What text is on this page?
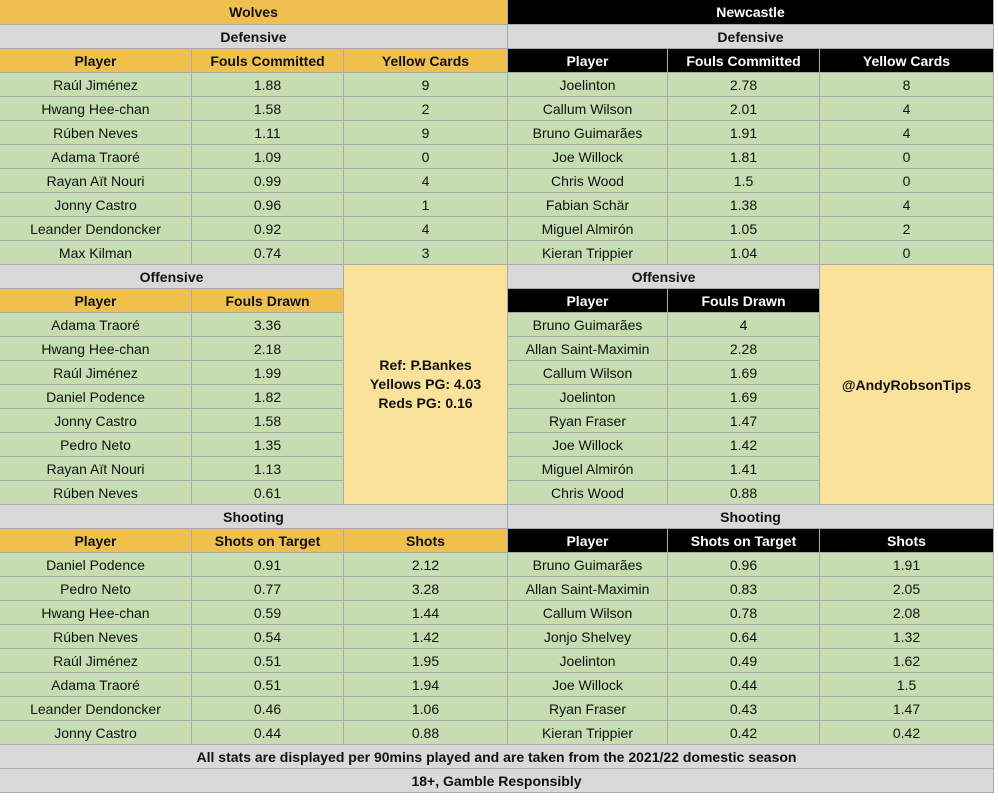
Wolves
Defensive
Player	Fouls Committed	Yellow Cards
Raúl Jiménez	1.88	9
Hwang Hee-chan	1.58	2
Rúben Neves	1.11	9
Adama Traoré	1.09	0
Rayan Aït Nouri	0.99	4
Jonny Castro	0.96	1
Leander Dendoncker	0.92	4
Max Kilman	0.74	3
Offensive
Player	Fouls Drawn
Adama Traoré	3.36
Hwang Hee-chan	2.18
Raúl Jiménez	1.99
Daniel Podence	1.82
Jonny Castro	1.58
Pedro Neto	1.35
Rayan Aït Nouri	1.13
Rúben Neves	0.61
Shooting
Player	Shots on Target	Shots
Daniel Podence	0.91	2.12
Pedro Neto	0.77	3.28
Hwang Hee-chan	0.59	1.44
Rúben Neves	0.54	1.42
Raúl Jiménez	0.51	1.95
Adama Traoré	0.51	1.94
Leander Dendoncker	0.46	1.06
Jonny Castro	0.44	0.88
Newcastle
Defensive
Player	Fouls Committed	Yellow Cards
Joelinton	2.78	8
Callum Wilson	2.01	4
Bruno Guimarães	1.91	4
Joe Willock	1.81	0
Chris Wood	1.5	0
Fabian Schär	1.38	4
Miguel Almirón	1.05	2
Kieran Trippier	1.04	0
Offensive
Player	Fouls Drawn
Bruno Guimarães	4
Allan Saint-Maximin	2.28
Callum Wilson	1.69
Joelinton	1.69
Ryan Fraser	1.47
Joe Willock	1.42
Miguel Almirón	1.41
Chris Wood	0.88
Shooting
Player	Shots on Target	Shots
Bruno Guimarães	0.96	1.91
Allan Saint-Maximin	0.83	2.05
Callum Wilson	0.78	2.08
Jonjo Shelvey	0.64	1.32
Joelinton	0.49	1.62
Joe Willock	0.44	1.5
Ryan Fraser	0.43	1.47
Kieran Trippier	0.42	0.42
Ref: P.Bankes
Yellows PG: 4.03
Reds PG: 0.16
@AndyRobsonTips
All stats are displayed per 90mins played and are taken from the 2021/22 domestic season
18+, Gamble Responsibly
